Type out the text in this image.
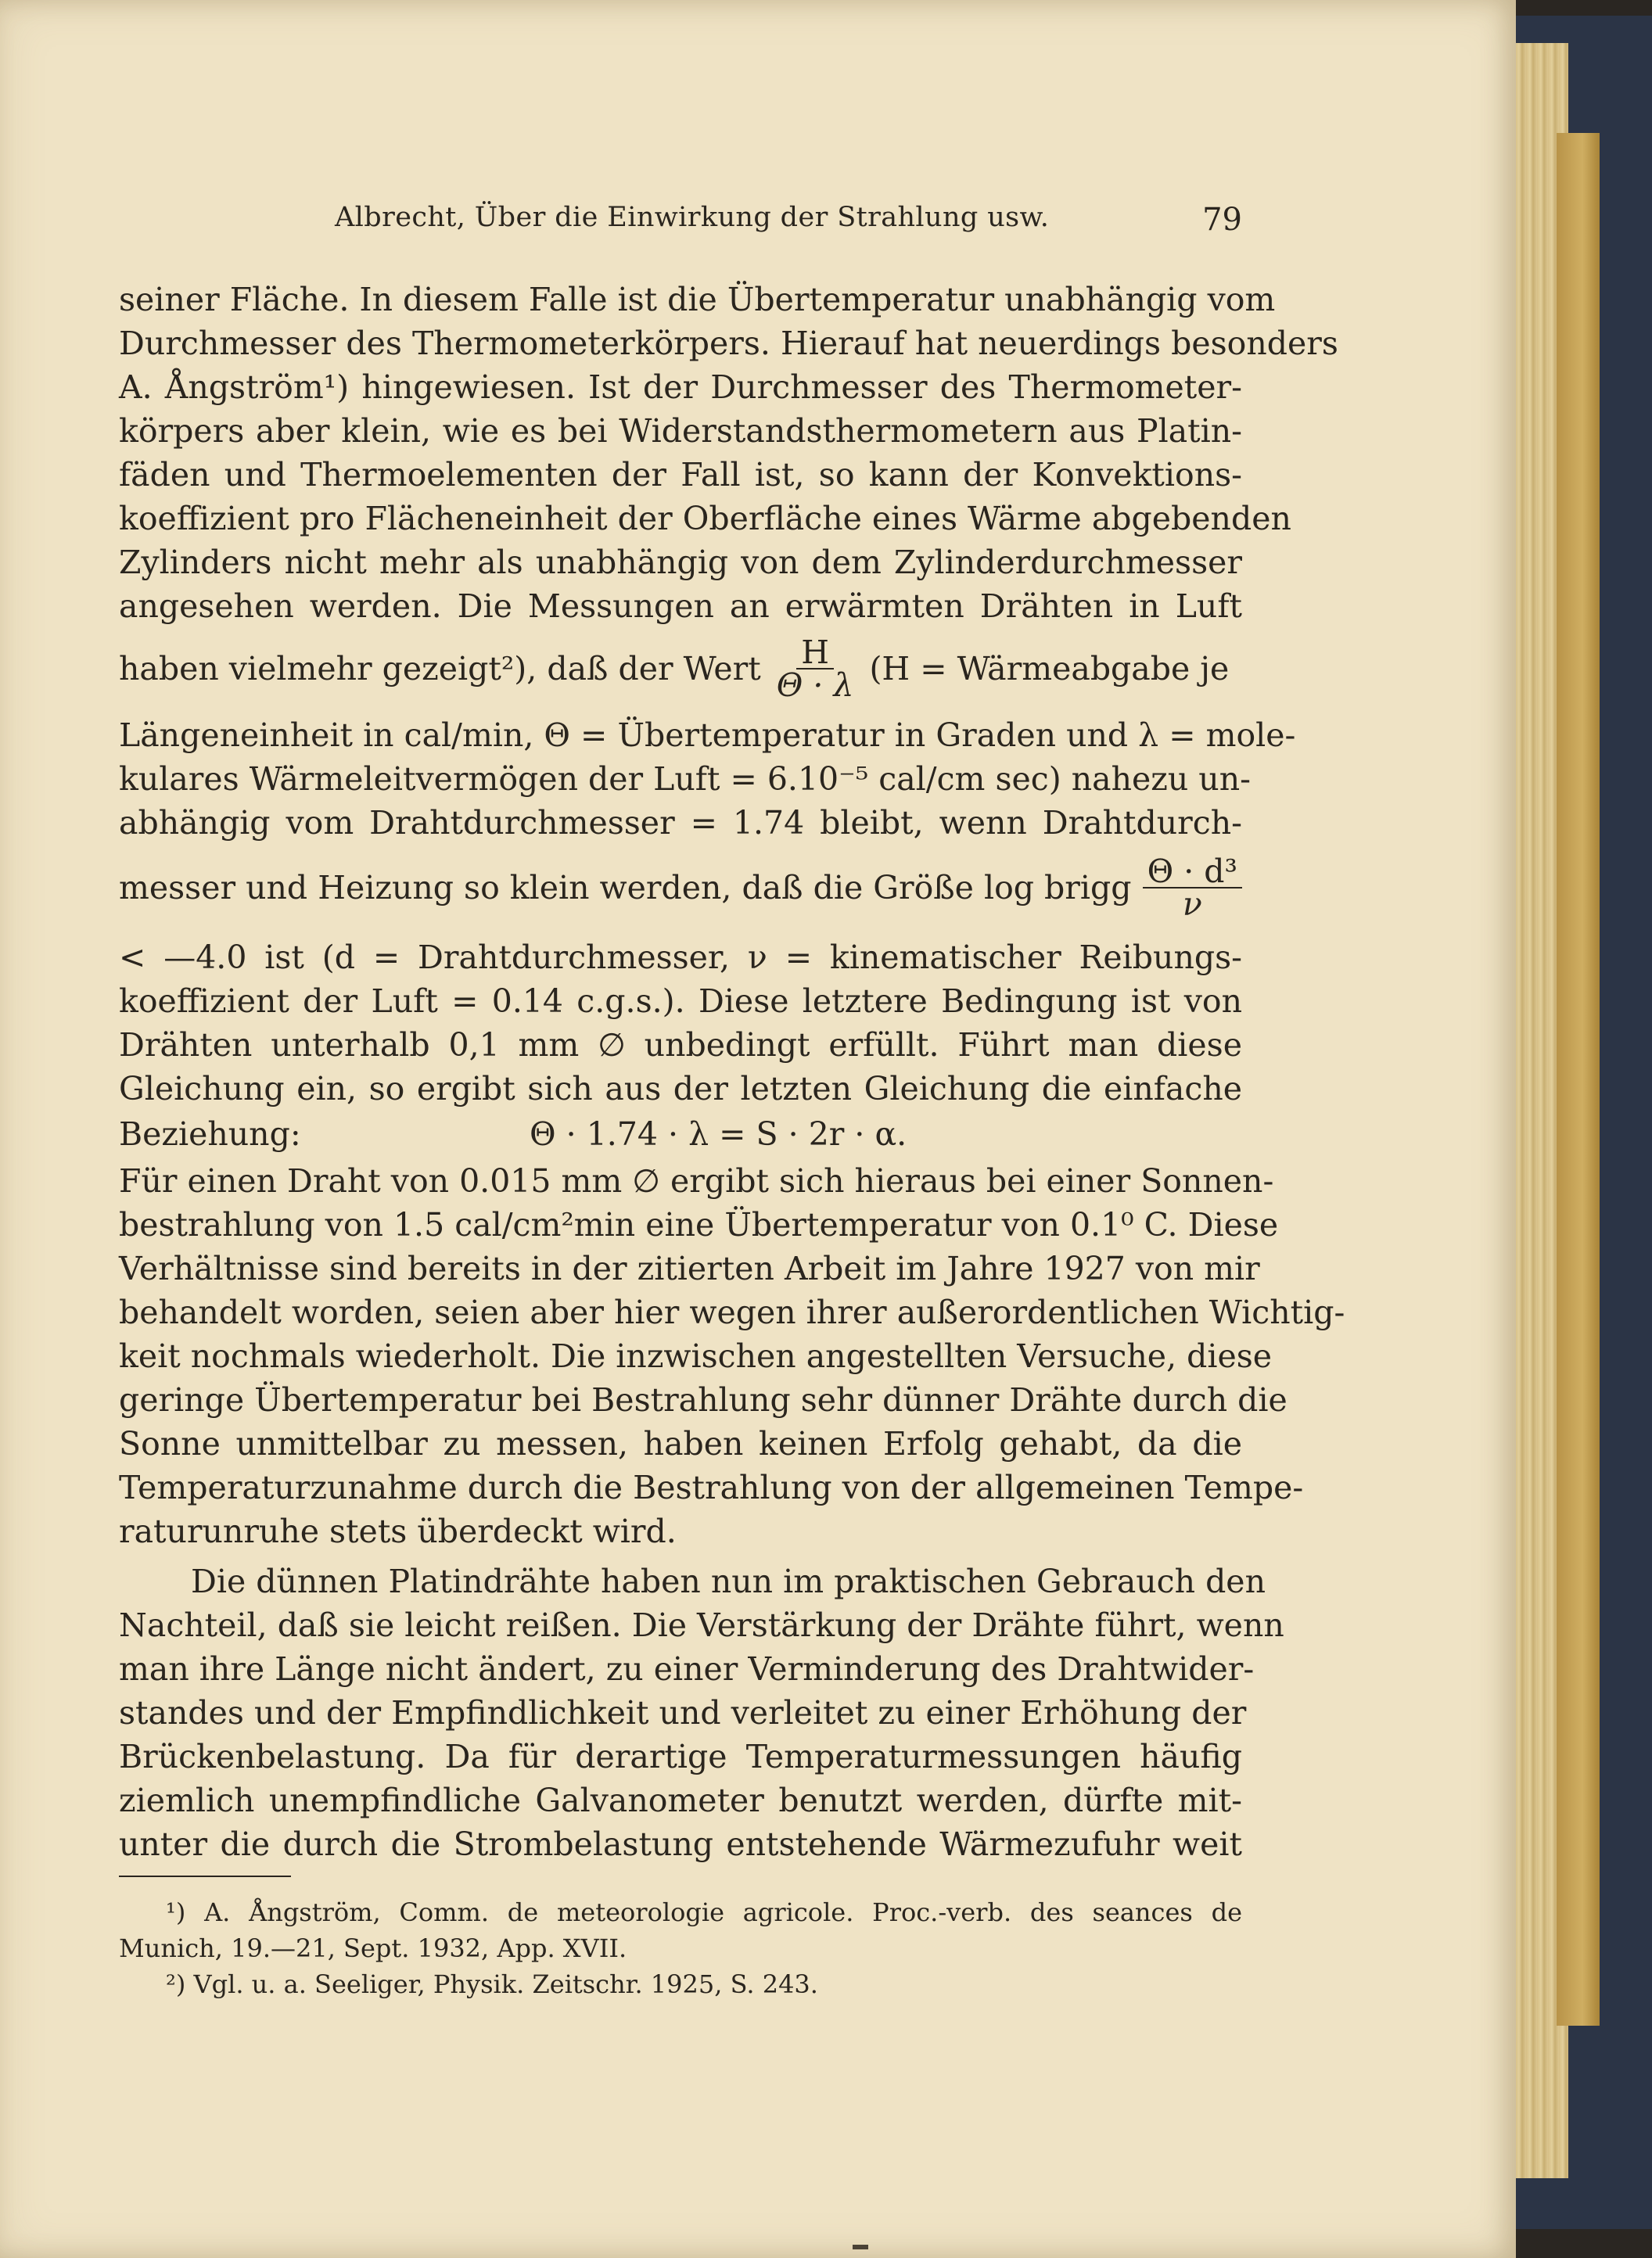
Albrecht, Über die Einwirkung der Strahlung usw.	79
seiner Fläche. In diesem Falle ist die Übertemperatur unabhängig vom
Durchmesser des Thermometerkörpers. Hierauf hat neuerdings besonders
A. Ångström¹) hingewiesen. Ist der Durchmesser des Thermometer-
körpers aber klein, wie es bei Widerstandsthermometern aus Platin-
fäden und Thermoelementen der Fall ist, so kann der Konvektions-
koeffizient pro Flächeneinheit der Oberfläche eines Wärme abgebenden
Zylinders nicht mehr als unabhängig von dem Zylinderdurchmesser
angesehen werden. Die Messungen an erwärmten Drähten in Luft
haben vielmehr gezeigt²), daß der Wert $\frac{H}{\Theta \cdot \lambda} (H$ = Wärmeabgabe je
Längeneinheit in cal/min, Θ = Übertemperatur in Graden und λ = mole-
kulares Wärmeleitvermögen der Luft = 6.10⁻⁵ cal/cm sec) nahezu un-
abhängig vom Drahtdurchmesser = 1.74 bleibt, wenn Drahtdurch-
messer und Heizung so klein werden, daß die Größe log brigg $\frac{\text{Θ · d³}}{\nu}$
< —4.0 ist (d = Drahtdurchmesser, ν = kinematischer Reibungs-
koeffizient der Luft = 0.14 c.g.s.). Diese letztere Bedingung ist von
Drähten unterhalb 0,1 mm ∅ unbedingt erfüllt. Führt man diese
Gleichung ein, so ergibt sich aus der letzten Gleichung die einfache
Beziehung:	Θ · 1.74 · λ = S · 2r · α.
Für einen Draht von 0.015 mm ∅ ergibt sich hieraus bei einer Sonnen-
bestrahlung von 1.5 cal/cm²min eine Übertemperatur von 0.1⁰ C. Diese
Verhältnisse sind bereits in der zitierten Arbeit im Jahre 1927 von mir
behandelt worden, seien aber hier wegen ihrer außerordentlichen Wichtig-
keit nochmals wiederholt. Die inzwischen angestellten Versuche, diese
geringe Übertemperatur bei Bestrahlung sehr dünner Drähte durch die
Sonne unmittelbar zu messen, haben keinen Erfolg gehabt, da die
Temperaturzunahme durch die Bestrahlung von der allgemeinen Tempe-
raturunruhe stets überdeckt wird.
Die dünnen Platindrähte haben nun im praktischen Gebrauch den
Nachteil, daß sie leicht reißen. Die Verstärkung der Drähte führt, wenn
man ihre Länge nicht ändert, zu einer Verminderung des Drahtwider-
standes und der Empfindlichkeit und verleitet zu einer Erhöhung der
Brückenbelastung. Da für derartige Temperaturmessungen häufig
ziemlich unempfindliche Galvanometer benutzt werden, dürfte mit-
unter die durch die Strombelastung entstehende Wärmezufuhr weit
¹) A. Ångström, Comm. de meteorologie agricole. Proc.-verb. des seances de
Munich, 19.—21, Sept. 1932, App. XVII.
²) Vgl. u. a. Seeliger, Physik. Zeitschr. 1925, S. 243.
